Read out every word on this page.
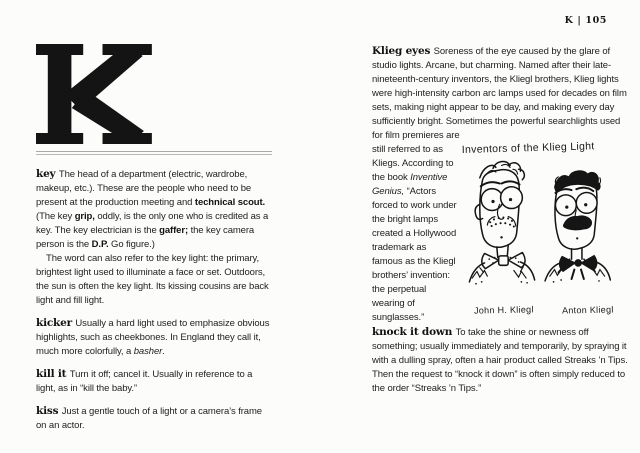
K | 105

key The head of a department (electric, wardrobe, makeup, etc.). These are the people who need to be present at the production meeting and technical scout. (The key grip, oddly, is the only one who is credited as a key. The key electrician is the gaffer; the key camera person is the D.P. Go figure.)

The word can also refer to the key light: the primary, brightest light used to illuminate a face or set. Outdoors, the sun is often the key light. Its kissing cousins are back light and fill light.

kicker Usually a hard light used to emphasize obvious highlights, such as cheekbones. In England they call it, much more colorfully, a basher.

kill it Turn it off; cancel it. Usually in reference to a light, as in “kill the baby.”

kiss Just a gentle touch of a light or a camera’s frame on an actor.

Klieg eyes Soreness of the eye caused by the glare of studio lights. Arcane, but charming. Named after their late-nineteenth-century inventors, the Kliegl brothers, Klieg lights were high-intensity carbon arc lamps used for decades on film sets, making night appear to be day, and making every day sufficiently bright. Sometimes the powerful searchlights used for film premieres are

Inventors of the Klieg Light
John H. Kliegl	Anton Kliegl

still referred to as Kliegs. According to the book Inventive Genius, “Actors forced to work under the bright lamps created a Hollywood trademark as famous as the Kliegl brothers’ invention: the perpetual wearing of sunglasses.”

knock it down To take the shine or newness off something; usually immediately and temporarily, by spraying it with a dulling spray, often a hair product called Streaks ’n Tips. Then the request to “knock it down” is often simply reduced to the order “Streaks ’n Tips.”
